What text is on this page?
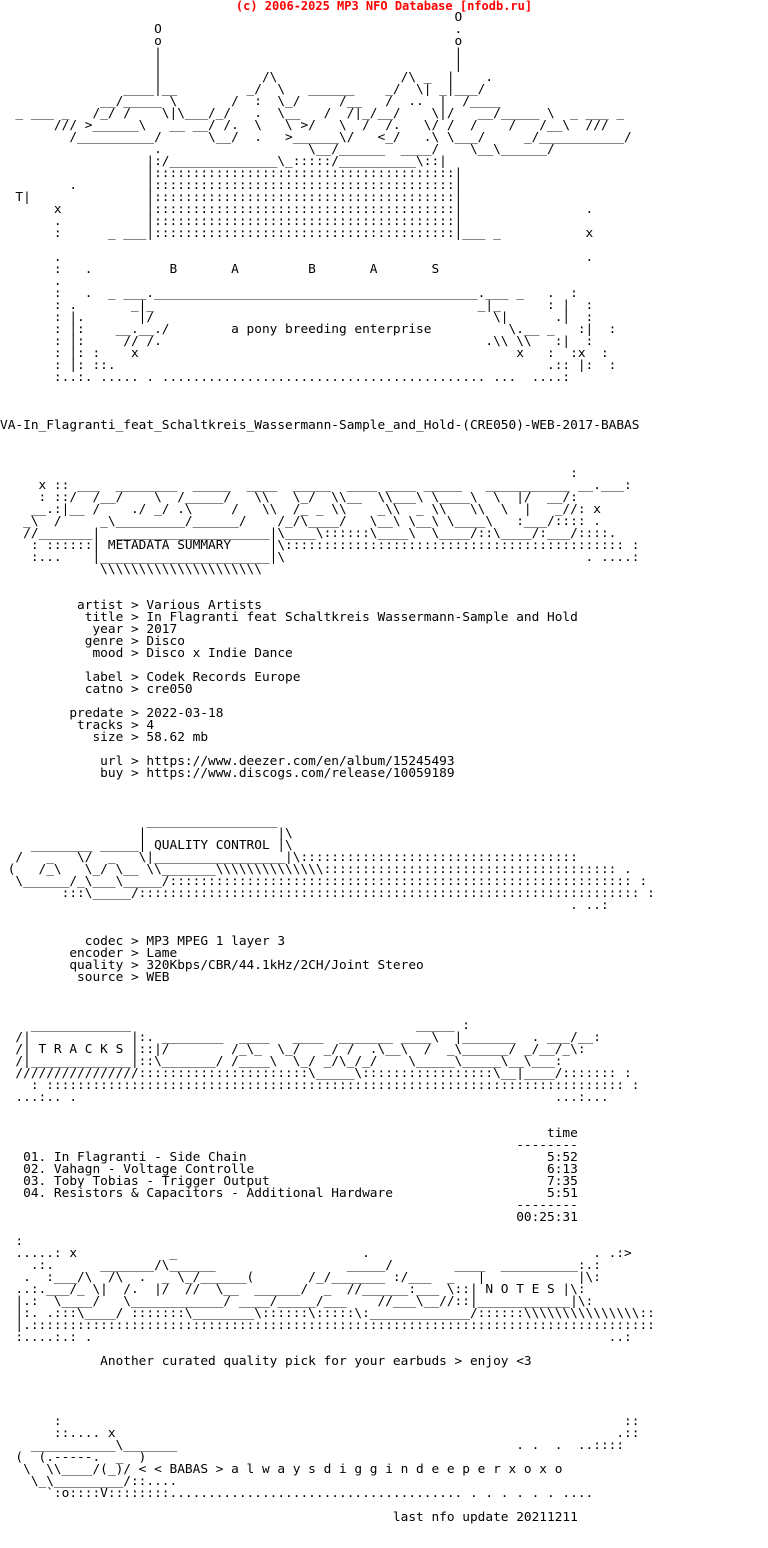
(c) 2006-2025 MP3 NFO Database [nfodb.ru]
O
O                                      .
o                                      o
|                                      |
|                                      |
|             /\                /\ _  |    .
____|__         _/  \   ______    _/  \| _|___/
__/_____ \       /  :  \_/     /__   /  ..  |  /____
_ ___ _   /_/ /    \|\___/_/   .  \__   /  /|_/__/    \|/   __/_____ \  _ ___ _
/// >______\   __ __/ /.  \   \ >/   \  /  /.   \/ /  /    /   /__\  ///
/__________/      \__/  .   >______\/   <_/   .\ \___/     _/___________/
.                   \__/______  ____/    \__\______/
|:/______________\_:::::/__________\::|
|:::::::::::::::::::::::::::::::::::::::|
.         |:::::::::::::::::::::::::::::::::::::::|
T|               |:::::::::::::::::::::::::::::::::::::::|
x           |:::::::::::::::::::::::::::::::::::::::|                .
.           |:::::::::::::::::::::::::::::::::::::::|
:      _ ___|:::::::::::::::::::::::::::::::::::::::|___ _           x

.                                                                    .
:   .          B       A         B       A       S
.
:   .  _ ___.__________________________________________.___ _   .  :
: .       _|_                                          _|_      : |  :
: |.       |/                                            \|      .|  :
: |:    __.__./        a pony breeding enterprise          \.__ _   :|  :
: |:     // /.                                          .\\ \\   :|  :
: |: :    x                                                 x   :  :x  :
: |: ::.                                                        .:: |:  :
:..:. ..... . .......................................... ...  ....:

VA-In_Flagranti_feat_Schaltkreis_Wassermann-Sample_and_Hold-(CRE050)-WEB-2017-BABAS

:
x :: ___  ________  _____  ____  _____  ____ ____ _____   ___________ __.___:
: ::/  /__/    \  /_____/   \\   \_/  \\__  \\___\ \____\  \  |/  __/:
__.:|__ /    ./ _/ .\     /   \\  /_ _ \\    _\\  _ \\   \\  \  |   _//: x
_\  /     _\_________/______/    /_/\____/   \__\ \__\ \____\   :___/:::: .
//_______|  ____________________|\____\::::::\____\  \____/::\____/:___/::::.
: ::::::| METADATA SUMMARY     |\:::::::::::::::::::::::::::::::::::::::::::: :
:...    |______________________|\                                       . ....:
\\\\\\\\\\\\\\\\\\\\\

artist > Various Artists
title > In Flagranti feat Schaltkreis Wassermann-Sample and Hold
year > 2017
genre > Disco
mood > Disco x Indie Dance

label > Codek Records Europe
catno > cre050

predate > 2022-03-18
tracks > 4
size > 58.62 mb

url > https://www.deezer.com/en/album/15245493
buy > https://www.discogs.com/release/10059189

_________________
|                 |\
________ _____| QUALITY CONTROL |\
/   _   \/  _   \|_________________|\::::::::::::::::::::::::::::::::::::
(   /_\   \_/ \__ \\_______\\\\\\\\\\\\\\:::::::::::::::::::::::::::::::::::::: .
\______/_\___\_____/:::::::::::::::::::::::::::::::::::::::::::::::::::::::::::: :
:::\_____/::::::::::::::::::::::::::::::::::::::::::::::::::::::::::::::::: :
. ..:

codec > MP3 MPEG 1 layer 3
encoder > Lame
quality > 320Kbps/CBR/44.1kHz/2CH/Joint Stereo
source > WEB

_____________                                     _____ :
/|             |:. ________  ____   ____  _______ ____\  |_______  . ___/__:
/| T R A C K S |::|/        /_\_  \_/   _/ /  .\__\  /  _\______/ _/__/_\:
/|_____________|::\_______/ /____\  \_/ _/\_/_/    \_____\_____\__\___:
////////////////::::::::::::::::::::::\_____\:::::::::::::::::\__|____/::::::: :
: ::::::::::::::::::::::::::::::::::::::::::::::::::::::::::::::::::::::::::: :
...:.. .                                                              ...:...

time
--------
01. In Flagranti - Side Chain                                       5:52
02. Vahagn - Voltage Controlle                                      6:13
03. Toby Tobias - Trigger Output                                    7:35
04. Resistors & Capacitors - Additional Hardware                    5:51
--------
00:25:31

:
.....: x            _                        .                             . .:>
.:.      _______/\______                 _____/        ____  __________:.:
.  :___/\  /\  .  _ \_/______(       /_/_______ :/___  _   |            |\:
..:.___/_ \|  /.  |/  //  \__  ______/  _  //______:___ \::| N O T E S |\:
|.:  \____/   \____________/ ____/_____/___    //___\__//::|____________|\:
|:. .:::\____/ :::::::\________\::::::\:::::\:_____________/::::::\\\\\\\\\\\\\\\::
|.:::::::::::::::::::::::::::::::::::::::::::::::::::::::::::::::::::::::::::::::::
:....:.: .                                                                   ..:

Another curated quality pick for your earbuds > enjoy <3

:                                                                         ::
::.... x                                                                 .::
___________\_______                                            . .  .  ..::::
(  (.-----.  _  )
\  \\____/(_)/ < < BABAS > a l w a y s d i g g i n d e e p e r x o x o
\_\_________/::....
`:o::::V::::::::...................................... . . . . . . ....

last nfo update 20211211
